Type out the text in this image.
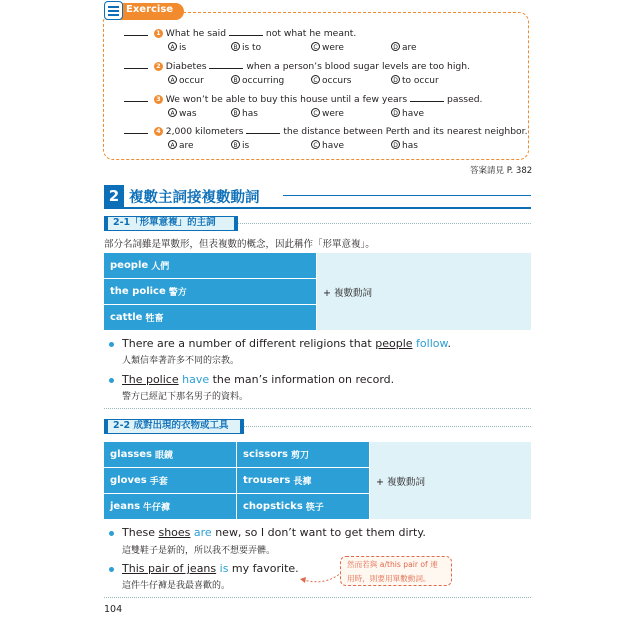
Exercise
1 What he said	not what he meant.
A is	B is to	C were	D are
2 Diabetes	when a person’s blood sugar levels are too high.
A occur	B occurring	C occurs	D to occur
3 We won’t be able to buy this house until a few years	passed.
A was	B has	C were	D have
4 2,000 kilometers	the distance between Perth and its nearest neighbor.
A are	B is	C have	D has
答案請見 P. 382
2 複數主詞接複數動詞
2-1「形單意複」的主詞
部分名詞雖是單數形，但表複數的概念，因此稱作「形單意複」。
people 人們
the police 警方
cattle 牲畜
+ 複數動詞
There are a number of different religions that people follow.
人類信奉著許多不同的宗教。
The police have the man’s information on record.
警方已經記下那名男子的資料。
2-2 成對出現的衣物或工具
glasses 眼鏡	scissors 剪刀
gloves 手套	trousers 長褲
jeans 牛仔褲	chopsticks 筷子
+ 複數動詞
These shoes are new, so I don’t want to get them dirty.
這雙鞋子是新的，所以我不想要弄髒。
This pair of jeans is my favorite.
這件牛仔褲是我最喜歡的。
然而若與 a/this pair of 連用時，則要用單數動詞。
104
